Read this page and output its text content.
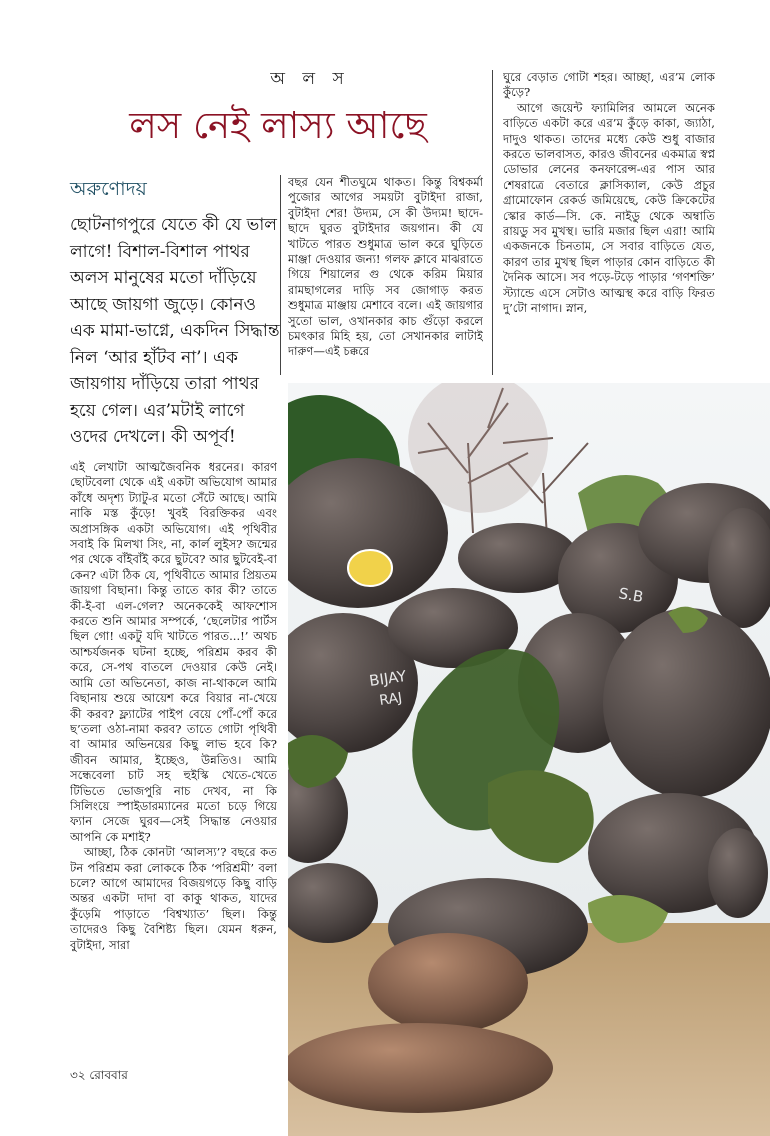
অ ল স
লস নেই লাস্য আছে
অরুণোদয়
ছোটনাগপুরে যেতে কী যে ভাল লাগে! বিশাল-বিশাল পাথর অলস মানুষের মতো দাঁড়িয়ে আছে জায়গা জুড়ে। কোনও এক মামা-ভাগ্নে, একদিন সিদ্ধান্ত নিল ‘আর হাঁটব না’। এক জায়গায় দাঁড়িয়ে তারা পাথর হয়ে গেল। এর’মটাই লাগে ওদের দেখলে। কী অপূর্ব!

এই লেখাটা আত্মজৈবনিক ধরনের। কারণ ছোটবেলা থেকে এই একটা অভিযোগ আমার কাঁধে অদৃশ্য ট্যাটু-র মতো সেঁটে আছে। আমি নাকি মস্ত কুঁড়ে! খুবই বিরক্তিকর এবং অপ্রাসঙ্গিক একটা অভিযোগ। এই পৃথিবীর সবাই কি মিলখা সিং, না, কার্ল লুইস? জন্মের পর থেকে বাঁইবাঁই করে ছুটবে? আর ছুটবেই-বা কেন? এটা ঠিক যে, পৃথিবীতে আমার প্রিয়তম জায়গা বিছানা। কিন্তু তাতে কার কী? তাতে কী-ই-বা এল-গেল? অনেককেই আফশোস করতে শুনি আমার সম্পর্কে, ‘ছেলেটার পার্টস ছিল গো! একটু যদি খাটতে পারত...!’ অথচ আশ্চর্যজনক ঘটনা হচ্ছে, পরিশ্রম করব কী করে, সে-পথ বাতলে দেওয়ার কেউ নেই। আমি তো অভিনেতা, কাজ না-থাকলে আমি বিছানায় শুয়ে আয়েশ করে বিয়ার না-খেয়ে কী করব? ফ্ল্যাটের পাইপ বেয়ে পোঁ-পোঁ করে ছ’তলা ওঠা-নামা করব? তাতে গোটা পৃথিবী বা আমার অভিনয়ের কিছু লাভ হবে কি? জীবন আমার, ইচ্ছেও, উন্নতিও। আমি সন্ধেবেলা চাট সহ হুইস্কি খেতে-খেতে টিভিতে ভোজপুরি নাচ দেখব, না কি সিলিংয়ে স্পাইডারম্যানের মতো চড়ে গিয়ে ফ্যান সেজে ঘুরব—সেই সিদ্ধান্ত নেওয়ার আপনি কে মশাই?

আচ্ছা, ঠিক কোনটা ‘আলস্য’? বছরে কত টন পরিশ্রম করা লোককে ঠিক ‘পরিশ্রমী’ বলা চলে? আগে আমাদের বিজয়গড়ে কিছু বাড়ি অন্তর একটা দাদা বা কাকু থাকত, যাদের কুঁড়েমি পাড়াতে ‘বিশ্বখ্যাত’ ছিল। কিন্তু তাদেরও কিছু বৈশিষ্ট্য ছিল। যেমন ধরুন, বুটাইদা, সারা

বছর যেন শীতঘুমে থাকত। কিন্তু বিশ্বকর্মা পুজোর আগের সময়টা বুটাইদা রাজা, বুটাইদা শের! উদ্যম, সে কী উদ্যম! ছাদে-ছাদে ঘুরত বুটাইদার জয়গান। কী যে খাটতে পারত শুধুমাত্র ভাল করে ঘুড়িতে মাঞ্জা দেওয়ার জন্য! গলফ ক্লাবে মাঝরাতে গিয়ে শিয়ালের গু থেকে করিম মিয়ার রামছাগলের দাড়ি সব জোগাড় করত শুধুমাত্র মাঞ্জায় মেশাবে বলে। এই জায়গার সুতো ভাল, ওখানকার কাচ গুঁড়ো করলে চমৎকার মিহি হয়, তো সেখানকার লাটাই দারুণ—এই চক্করে

ঘুরে বেড়াত গোটা শহর। আচ্ছা, এর’ম লোক কুঁড়ে?

আগে জয়েন্ট ফ্যামিলির আমলে অনেক বাড়িতে একটা করে এর’ম কুঁড়ে কাকা, জ্যাঠা, দাদুও থাকত। তাদের মধ্যে কেউ শুধু বাজার করতে ভালবাসত, কারও জীবনের একমাত্র স্বপ্ন ডোভার লেনের কনফারেন্স-এর পাস আর শেষরাত্রে বেতারে ক্লাসিক্যাল, কেউ প্রচুর গ্রামোফোন রেকর্ড জমিয়েছে, কেউ ক্রিকেটের স্কোর কার্ড—সি. কে. নাইডু থেকে অম্বাতি রায়ডু সব মুখস্থ। ভারি মজার ছিল এরা! আমি একজনকে চিনতাম, সে সবার বাড়িতে যেত, কারণ তার মুখস্থ ছিল পাড়ার কোন বাড়িতে কী দৈনিক আসে। সব পড়ে-টড়ে পাড়ার ‘গণশক্তি’ স্ট্যান্ডে এসে সেটাও আত্মস্থ করে বাড়ি ফিরত দু’টো নাগাদ। স্নান,

BIJAY
RAJ
S.B
৩২ রোববার
